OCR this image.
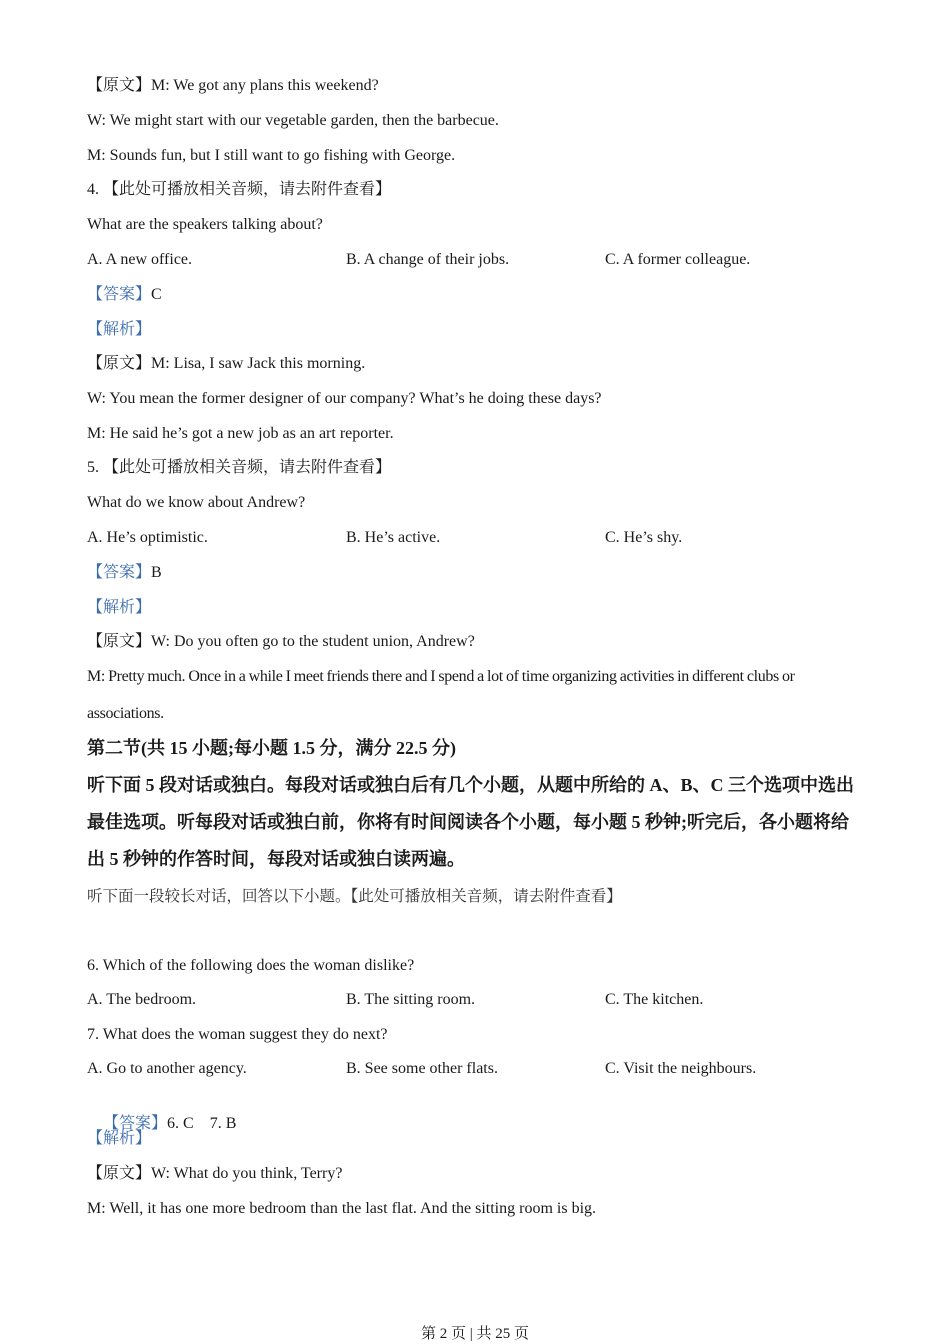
【原文】M: We got any plans this weekend?
W: We might start with our vegetable garden, then the barbecue.
M: Sounds fun, but I still want to go fishing with George.
4. 【此处可播放相关音频，请去附件查看】
What are the speakers talking about?
A. A new office.	B. A change of their jobs.	C. A former colleague.
【答案】C
【解析】
【原文】M: Lisa, I saw Jack this morning.
W: You mean the former designer of our company? What’s he doing these days?
M: He said he’s got a new job as an art reporter.
5. 【此处可播放相关音频，请去附件查看】
What do we know about Andrew?
A. He’s optimistic.	B. He’s active.	C. He’s shy.
【答案】B
【解析】
【原文】W: Do you often go to the student union, Andrew?
M: Pretty much. Once in a while I meet friends there and I spend a lot of time organizing activities in different clubs or associations.
第二节(共 15 小题;每小题 1.5 分，满分 22.5 分)
听下面 5 段对话或独白。每段对话或独白后有几个小题，从题中所给的 A、B、C 三个选项中选出最佳选项。听每段对话或独白前，你将有时间阅读各个小题，每小题 5 秒钟;听完后，各小题将给出 5 秒钟的作答时间，每段对话或独白读两遍。
听下面一段较长对话，回答以下小题。【此处可播放相关音频，请去附件查看】
6. Which of the following does the woman dislike?
A. The bedroom.	B. The sitting room.	C. The kitchen.
7. What does the woman suggest they do next?
A. Go to another agency.	B. See some other flats.	C. Visit the neighbours.

【答案】6. C    7. B

【解析】
【原文】W: What do you think, Terry?
M: Well, it has one more bedroom than the last flat. And the sitting room is big.
第 2 页 | 共 25 页
